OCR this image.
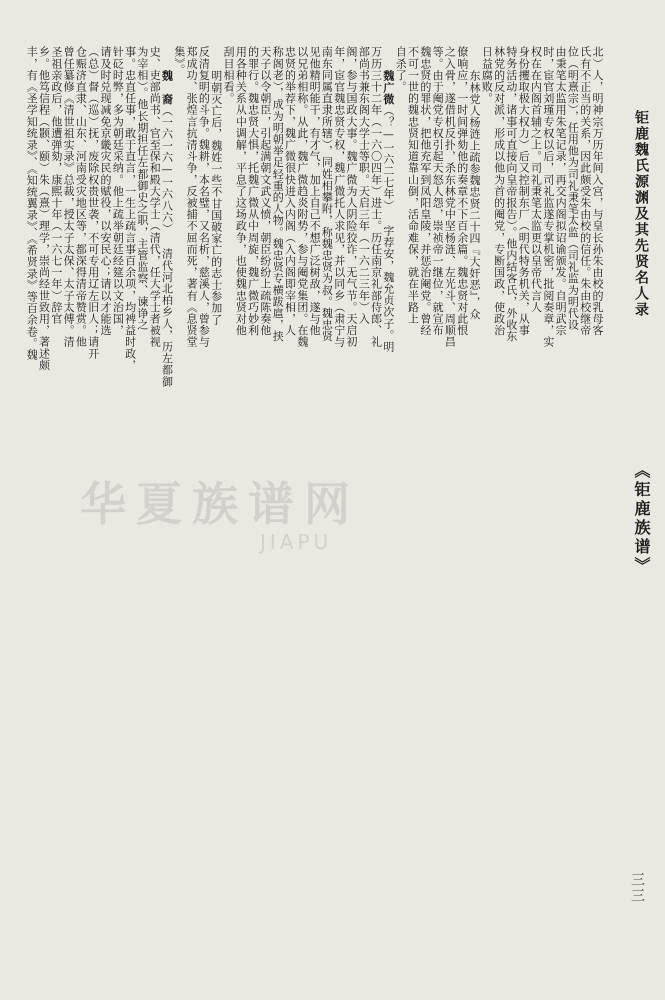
华夏族谱网
JIAPU
钜鹿魏氏源渊及其先贤名人录
《钜鹿族谱》
三三
北）人，明神宗万历年间入宫，与皇长孙朱由校的乳母客
氏有不正当的关系，因此颇受朱由校的信任。朱由校继帝
位（明熹宗），任用他为司礼秉笔太监（司礼监为明代设
由秉笔太监用朱笔记录，再交内阁拟诏谕颁发。自明武宗
时，宦官刘瑾专权以后，司礼监遂专掌机密，批阅奏章，实
权在在内阁首辅之上。司礼秉笔太监更以皇帝代言人
身份攫取极大权力）后又控制东厂（明代特务机关，从事
特务活动，诸事可直接向皇帝报告）。他内结客氏，外收东
林党的反对派，形成以他为首的阉党，专断国政，使政治
日益腐败。
东林党人杨涟上疏参魏忠贤二十四『大奸恶』，众
僚响应，一时间弹劾他的奏章不下百余篇。魏忠贤对此恨
之入骨，遂借机反扑，杀东林党中坚杨涟、左光斗、周顺昌
等。由于阉党专权引起天怒人怨，崇祯帝一继位，就宣布
魏忠贤的罪状，把他充军到凤阳皇陵，并惩治阉党。曾经
不可一世的魏忠贤知道靠山倒，活命难保，就在半路上
自杀了。
魏广微（？—一六二七年） 字荐安，魏允贞次子。明
万历三十二年（一六〇四年）进士。历任南京礼部侍郎、礼
部尚书兼东阁大学士等职。天启三年（一六二三年）入
阁，参与国政大事。魏广微为人阴险狡诈，无气节。天启初
年，宦官魏忠贤专权，魏广微托人求见，并以同乡（肃宁与
南东同属直隶所辖），同姓相攀附，称魏忠贤为叔。魏忠贤
见他精明能干，有才气，加上自己不想广泛树敌，遂与他
以兄弟相称。从此，魏广微趋炎附势，参与阉党集团。在魏
忠贤的举荐下，魏广微很快进入内阁（入内阁即宰相，人
称阁老），成为明朝举足轻重的人物。魏忠贤专横跋扈，挟
天子以令朝臣，引起满朝文武义愤，朝臣纷纷上疏陈奏他
的罪行。魏忠贤大惧，托魏广微从中周旋，魏广微巧妙利
用各种关系从中调解，平息了这场政争，也使魏忠贤对他
刮目相看。
明朝灭亡后，魏姓一些不甘国破家亡的志士参加了
反清复明的斗争。魏耕，本名璧，又名析，慈溪人，曾参与
郑成功、张煌言抗清斗争，反被捕不屈而死，著有《息贤堂
集》。
魏　裔（一六一六—一六八六） 清代河北柏乡人，历左都御
史、吏部尚书、官至保和殿大学士（清代，任大学士者被视
为宰相）。他长期担任左都御史之职，主管监察、谏诤之
事。忠直任事，敢于直言，一生上疏言事百余项，均裨益时政，
针砭时弊，多为朝廷采纳。他上疏举朝廷经筵以文治国，
请及时兑现减免京畿灾民的赋役，以安民心；请以才能选
（总）督（巡）抚，废除权贵世袭，不可专用辽左旧人；请开
仓赈济直隶、山东、河南受灾地区等，都深得清帝赞赏。他
曾任纂修《清世祖实录》总裁，授太子太保、太子太傅。清
圣祖亲政后，他遭弹劾，康熙十年（一六七一年）辞官
乡。他笃信程（颢、颐）朱（熹）理学，崇尚经世致用，著述颇
丰，有《圣学知统录》、《知统翼录》、《希贤录》等百余卷。魏
